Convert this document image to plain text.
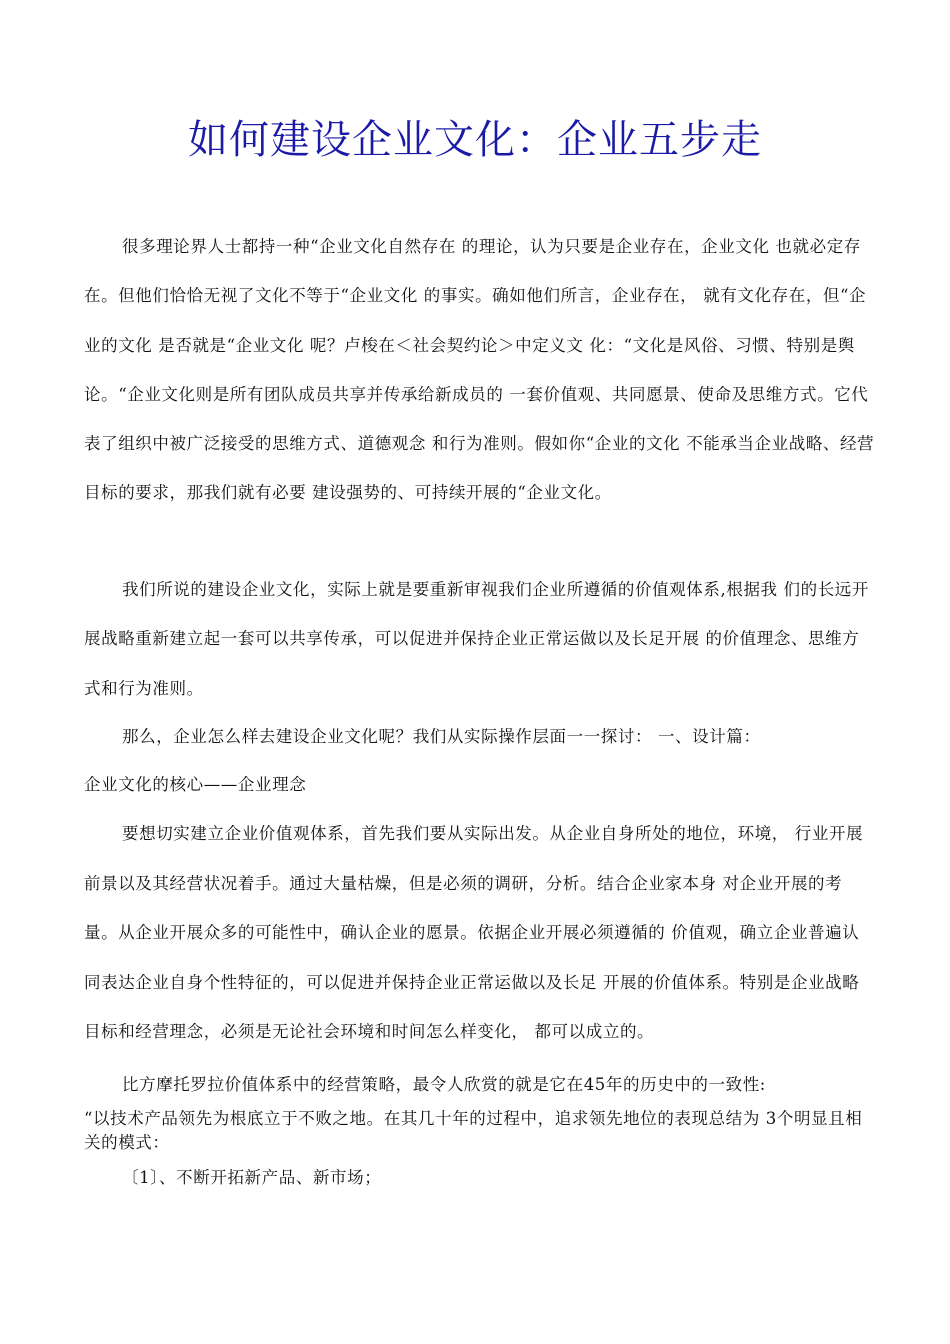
如何建设企业文化：企业五步走

很多理论界人士都持一种“企业文化自然存在 的理论，认为只要是企业存在，企业文化 也就必定存在。但他们恰恰无视了文化不等于“企业文化 的事实。确如他们所言，企业存在， 就有文化存在，但“企业的文化 是否就是“企业文化 呢？卢梭在＜社会契约论＞中定义文 化：“文化是风俗、习惯、特别是舆论。“企业文化则是所有团队成员共享并传承给新成员的 一套价值观、共同愿景、使命及思维方式。它代表了组织中被广泛接受的思维方式、道德观念 和行为准则。假如你“企业的文化 不能承当企业战略、经营目标的要求，那我们就有必要 建设强势的、可持续开展的“企业文化。

我们所说的建设企业文化，实际上就是要重新审视我们企业所遵循的价值观体系,根据我 们的长远开展战略重新建立起一套可以共享传承，可以促进并保持企业正常运做以及长足开展 的价值理念、思维方式和行为准则。

那么，企业怎么样去建设企业文化呢？我们从实际操作层面一一探讨： 一、设计篇：

企业文化的核心——企业理念

要想切实建立企业价值观体系，首先我们要从实际出发。从企业自身所处的地位，环境， 行业开展前景以及其经营状况着手。通过大量枯燥，但是必须的调研，分析。结合企业家本身 对企业开展的考量。从企业开展众多的可能性中，确认企业的愿景。依据企业开展必须遵循的 价值观，确立企业普遍认同表达企业自身个性特征的，可以促进并保持企业正常运做以及长足 开展的价值体系。特别是企业战略目标和经营理念，必须是无论社会环境和时间怎么样变化， 都可以成立的。

比方摩托罗拉价值体系中的经营策略，最令人欣赏的就是它在45年的历史中的一致性:

“以技术产品领先为根底立于不败之地。在其几十年的过程中，追求领先地位的表现总结为 3个明显且相关的模式：

〔1〕、不断开拓新产品、新市场；
